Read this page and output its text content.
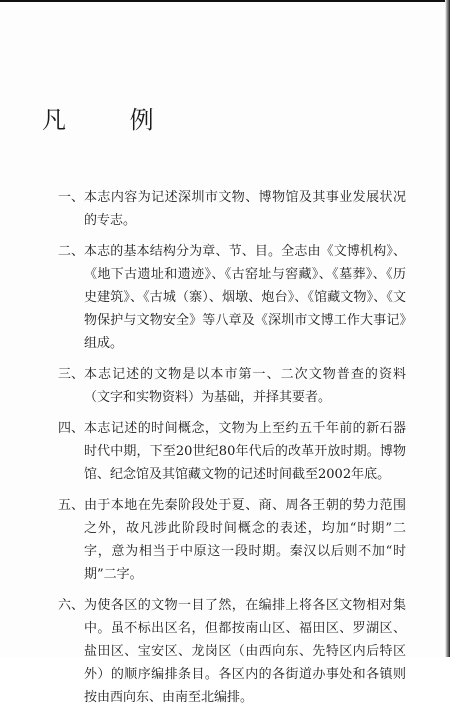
凡 例
一、 本志内容为记述深圳市文物、博物馆及其事业发展状况的专志。
二、 本志的基本结构分为章、节、目。全志由《文博机构》、《地下古遗址和遗迹》、《古窑址与窖藏》、《墓葬》、《历史建筑》、《古城（寨）、烟墩、炮台》、《馆藏文物》、《文物保护与文物安全》等八章及《深圳市文博工作大事记》组成。
三、 本志记述的文物是以本市第一、二次文物普查的资料（文字和实物资料）为基础，并择其要者。
四、 本志记述的时间概念，文物为上至约五千年前的新石器时代中期，下至20世纪80年代后的改革开放时期。博物馆、纪念馆及其馆藏文物的记述时间截至2002年底。
五、 由于本地在先秦阶段处于夏、商、周各王朝的势力范围之外，故凡涉此阶段时间概念的表述，均加“时期”二字，意为相当于中原这一段时期。秦汉以后则不加“时期”二字。
六、 为使各区的文物一目了然，在编排上将各区文物相对集中。虽不标出区名，但都按南山区、福田区、罗湖区、盐田区、宝安区、龙岗区（由西向东、先特区内后特区外）的顺序编排条目。各区内的各街道办事处和各镇则按由西向东、由南至北编排。
